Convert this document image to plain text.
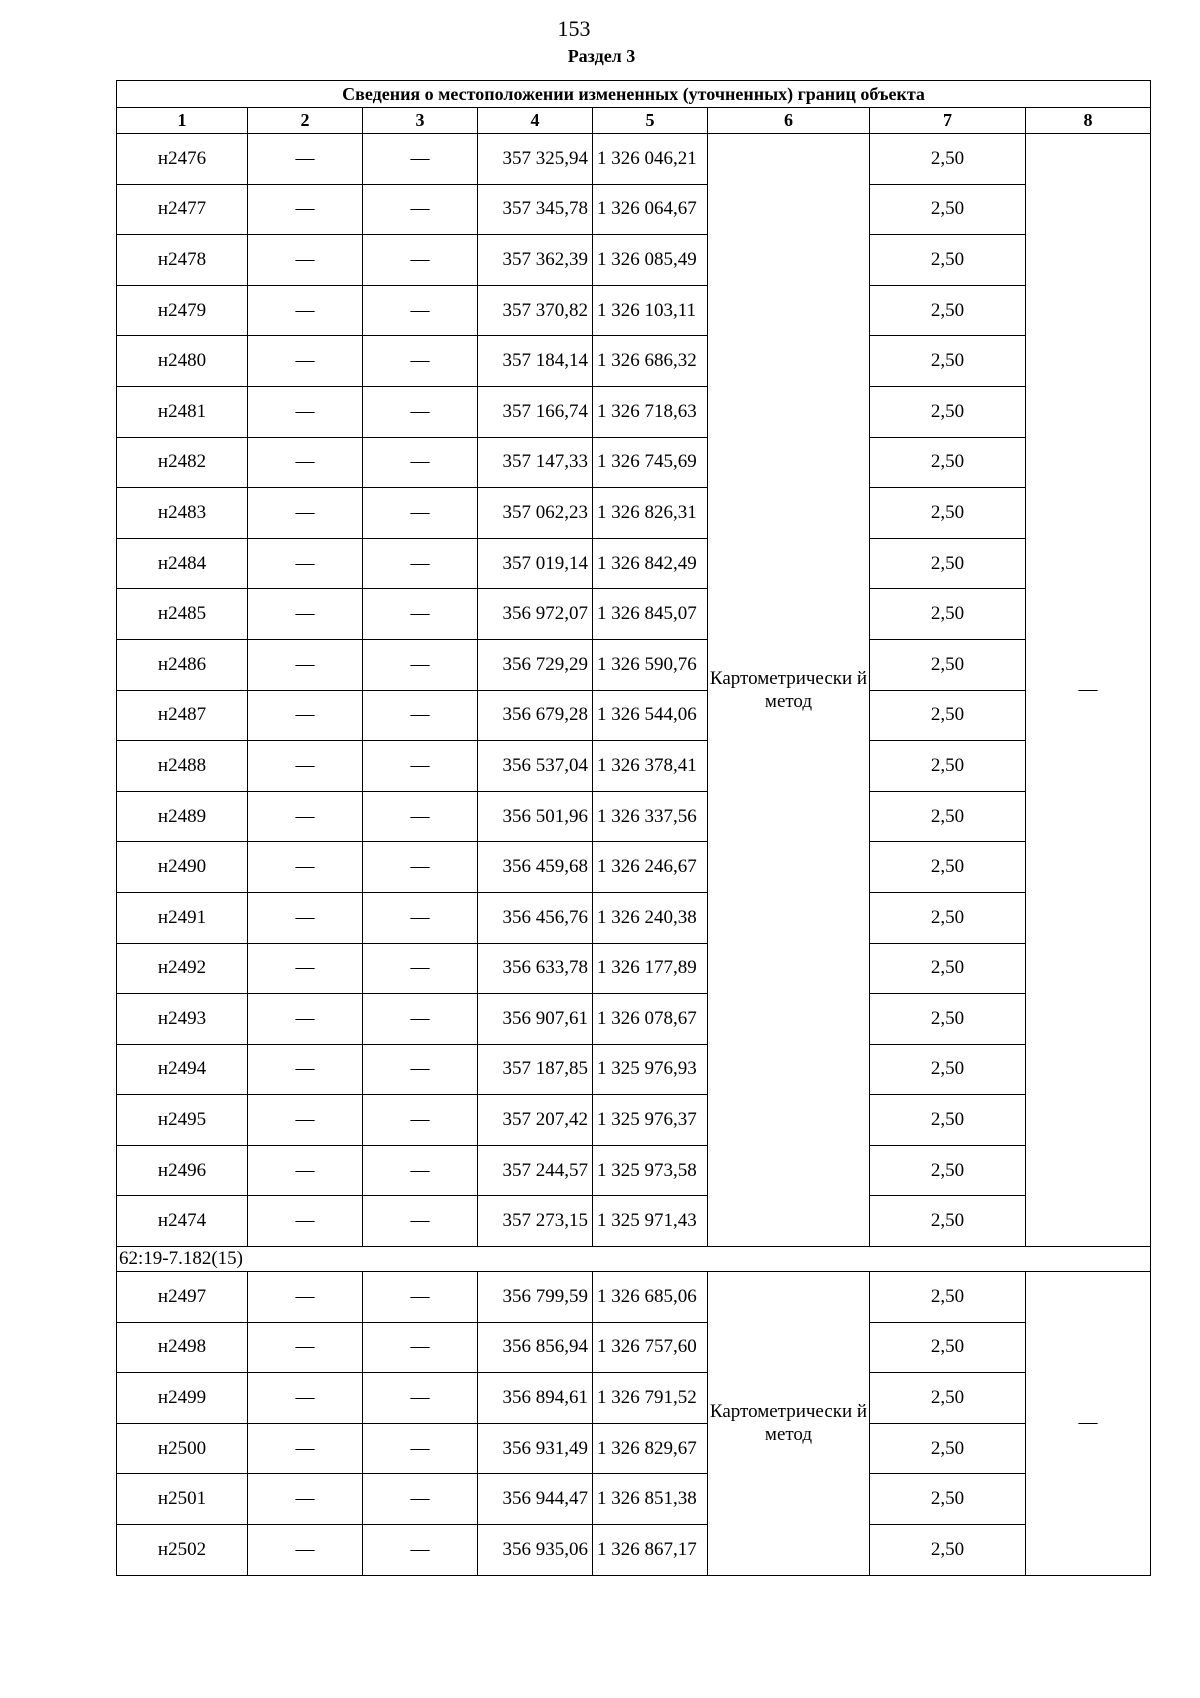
153
Раздел 3
Сведения о местоположении измененных (уточненных) границ объекта							
1	2	3	4	5	6	7	8
н2476	—	—	357 325,94	1 326 046,21	Картометрически й метод	2,50	—
н2477	—	—	357 345,78	1 326 064,67		2,50	
н2478	—	—	357 362,39	1 326 085,49		2,50	
н2479	—	—	357 370,82	1 326 103,11		2,50	
н2480	—	—	357 184,14	1 326 686,32		2,50	
н2481	—	—	357 166,74	1 326 718,63		2,50	
н2482	—	—	357 147,33	1 326 745,69		2,50	
н2483	—	—	357 062,23	1 326 826,31		2,50	
н2484	—	—	357 019,14	1 326 842,49		2,50	
н2485	—	—	356 972,07	1 326 845,07		2,50	
н2486	—	—	356 729,29	1 326 590,76		2,50	
н2487	—	—	356 679,28	1 326 544,06		2,50	
н2488	—	—	356 537,04	1 326 378,41		2,50	
н2489	—	—	356 501,96	1 326 337,56		2,50	
н2490	—	—	356 459,68	1 326 246,67		2,50	
н2491	—	—	356 456,76	1 326 240,38		2,50	
н2492	—	—	356 633,78	1 326 177,89		2,50	
н2493	—	—	356 907,61	1 326 078,67		2,50	
н2494	—	—	357 187,85	1 325 976,93		2,50	
н2495	—	—	357 207,42	1 325 976,37		2,50	
н2496	—	—	357 244,57	1 325 973,58		2,50	
н2474	—	—	357 273,15	1 325 971,43		2,50	
62:19-7.182(15)							
н2497	—	—	356 799,59	1 326 685,06	Картометрически й метод	2,50	—
н2498	—	—	356 856,94	1 326 757,60		2,50	
н2499	—	—	356 894,61	1 326 791,52		2,50	
н2500	—	—	356 931,49	1 326 829,67		2,50	
н2501	—	—	356 944,47	1 326 851,38		2,50	
н2502	—	—	356 935,06	1 326 867,17		2,50	
